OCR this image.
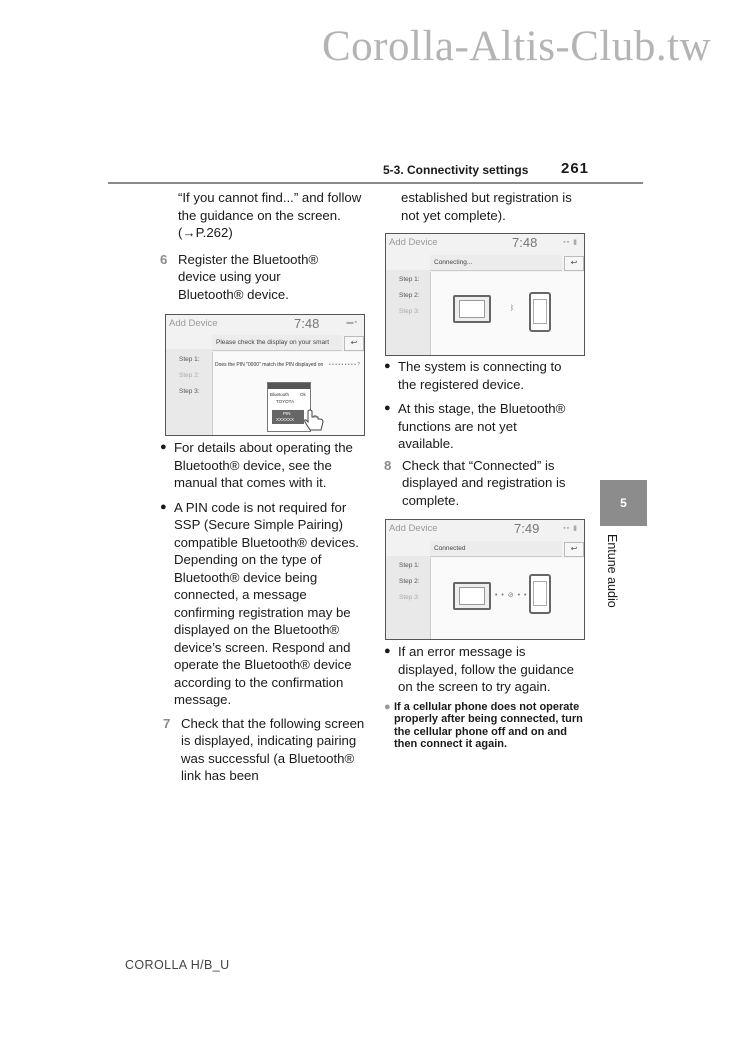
Corolla-Altis-Club.tw
5-3. Connectivity settings 261
5
Entune audio

“If you cannot find...” and follow the guidance on the screen. (→P.262)

6 Register the Bluetooth® device using your Bluetooth® device.
Add Device	7:48	▬▪
Please check the display on your smart	↩
Step 1:
Step 2:
Step 3:
Does the PIN "0000" match the PIN displayed on • • • • • • • • • ?
Bluetooth Ok
TOYOTA
PIN
XXXXXX
● For details about operating the Bluetooth® device, see the manual that comes with it.
● A PIN code is not required for SSP (Secure Simple Pairing) compatible Bluetooth® devices. Depending on the type of Bluetooth® device being connected, a message confirming registration may be displayed on the Bluetooth® device’s screen. Respond and operate the Bluetooth® device according to the confirmation message.
7 Check that the following screen is displayed, indicating pairing was successful (a Bluetooth® link has been

established but registration is not yet complete).

Add Device	7:48	▪▪ ▮
Connecting...	↩
Step 1:
Step 2:
Step 3:	ᛒ
● The system is connecting to the registered device.
● At this stage, the Bluetooth® functions are not yet available.
8 Check that “Connected” is displayed and registration is complete.
Add Device	7:49	▪▪ ▮
Connected	↩
Step 1:
Step 2:
Step 3:	• • ⊘ • •
● If an error message is displayed, follow the guidance on the screen to try again.
● If a cellular phone does not operate properly after being connected, turn the cellular phone off and on and then connect it again.
COROLLA H/B_U
